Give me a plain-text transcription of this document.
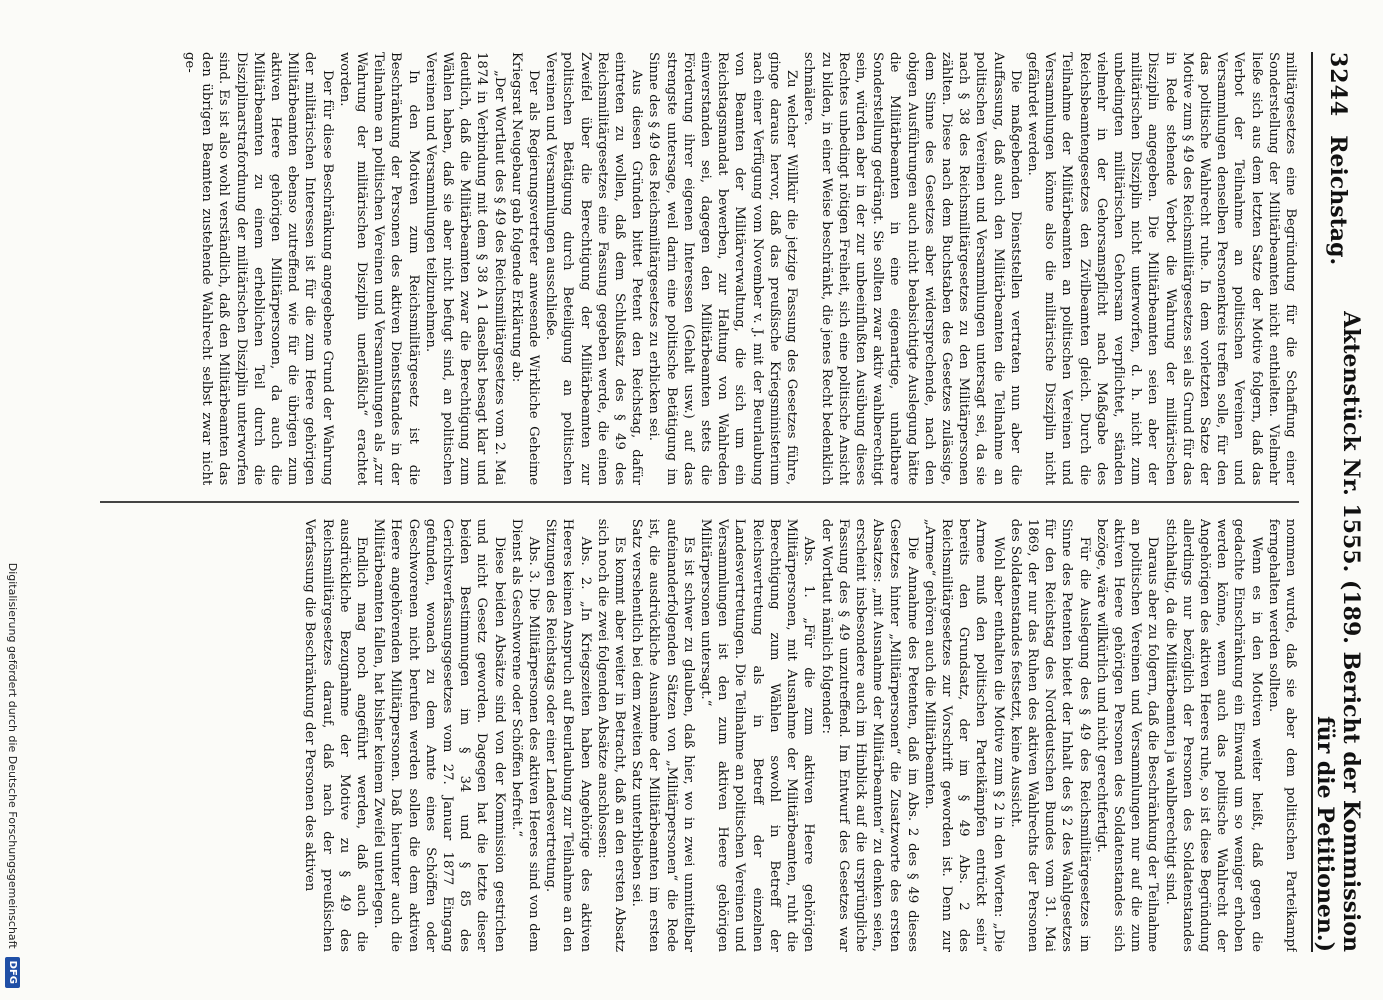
3244
Reichstag.
Aktenstück Nr. 1555. (189. Bericht der Kommission für die Petitionen.)

militärgesetzes eine Begründung für die Schaffung einer Sonderstellung der Militärbeamten nicht enthielten. Vielmehr ließe sich aus dem letzten Satze der Motive folgern, daß das Verbot der Teilnahme an politischen Vereinen und Versammlungen denselben Personenkreis treffen solle, für den das politische Wahlrecht ruhe. In dem vorletzten Satze der Motive zum § 49 des Reichsmilitärgesetzes sei als Grund für das in Rede stehende Verbot die Wahrung der militärischen Disziplin angegeben. Die Militärbeamten seien aber der militärischen Disziplin nicht unterworfen, d. h. nicht zum unbedingten militärischen Gehorsam verpflichtet, ständen vielmehr in der Gehorsamspflicht nach Maßgabe des Reichsbeamtengesetzes den Zivilbeamten gleich. Durch die Teilnahme der Militärbeamten an politischen Vereinen und Versammlungen könne also die militärische Disziplin nicht gefährdet werden.

Die maßgebenden Dienststellen vertraten nun aber die Auffassung, daß auch den Militärbeamten die Teilnahme an politischen Vereinen und Versammlungen untersagt sei, da sie nach § 38 des Reichsmilitärgesetzes zu den Militärpersonen zählten. Diese nach dem Buchstaben des Gesetzes zulässige, dem Sinne des Gesetzes aber widersprechende, nach den obigen Ausführungen auch nicht beabsichtigte Auslegung hätte die Militärbeamten in eine eigenartige, unhaltbare Sonderstellung gedrängt. Sie sollten zwar aktiv wahlberechtigt sein, würden aber in der zur unbeeinflußten Ausübung dieses Rechtes unbedingt nötigen Freiheit, sich eine politische Ansicht zu bilden, in einer Weise beschränkt, die jenes Recht bedenklich schmälere.

Zu welcher Willkür die jetzige Fassung des Gesetzes führe, ginge daraus hervor, daß das preußische Kriegsministerium nach einer Verfügung vom November v. J. mit der Beurlaubung von Beamten der Militärverwaltung, die sich um ein Reichstagsmandat bewerben, zur Haltung von Wahlreden einverstanden sei, dagegen den Militärbeamten stets die Förderung ihrer eigenen Interessen (Gehalt usw.) auf das strengste untersage, weil darin eine politische Betätigung im Sinne des § 49 des Reichsmilitärgesetzes zu erblicken sei.

Aus diesen Gründen bittet Petent den Reichstag, dafür eintreten zu wollen, daß dem Schlußsatz des § 49 des Reichsmilitärgesetzes eine Fassung gegeben werde, die einen Zweifel über die Berechtigung der Militärbeamten zur politischen Betätigung durch Beteiligung an politischen Vereinen und Versammlungen ausschließe.

Der als Regierungsvertreter anwesende Wirkliche Geheime Kriegsrat Neugebaur gab folgende Erklärung ab:

„Der Wortlaut des § 49 des Reichsmilitärgesetzes vom 2. Mai 1874 in Verbindung mit dem § 38 A 1 daselbst besagt klar und deutlich, daß die Militärbeamten zwar die Berechtigung zum Wählen haben, daß sie aber nicht befugt sind, an politischen Vereinen und Versammlungen teilzunehmen.

In den Motiven zum Reichsmilitärgesetz ist die Beschränkung der Personen des aktiven Dienststandes in der Teilnahme an politischen Vereinen und Versammlungen als „zur Wahrung der militärischen Disziplin unerläßlich“ erachtet worden.

Der für diese Beschränkung angegebene Grund der Wahrung der militärischen Interessen ist für die zum Heere gehörigen Militärbeamten ebenso zutreffend wie für die übrigen zum aktiven Heere gehörigen Militärpersonen, da auch die Militärbeamten zu einem erheblichen Teil durch die Disziplinarstrafordnung der militärischen Disziplin unterworfen sind. Es ist also wohl verständlich, daß den Militärbeamten das den übrigen Beamten zustehende Wahlrecht selbst zwar nicht ge-

nommen wurde, daß sie aber dem politischen Parteikampf ferngehalten werden sollten.

Wenn es in den Motiven weiter heißt, daß gegen die gedachte Einschränkung ein Einwand um so weniger erhoben werden könne, wenn auch das politische Wahlrecht der Angehörigen des aktiven Heeres ruhe, so ist diese Begründung allerdings nur bezüglich der Personen des Soldatenstandes stichhaltig, da die Militärbeamten ja wahlberechtigt sind.

Daraus aber zu folgern, daß die Beschränkung der Teilnahme an politischen Vereinen und Versammlungen nur auf die zum aktiven Heere gehörigen Personen des Soldatenstandes sich bezöge, wäre willkürlich und nicht gerechtfertigt.

Für die Auslegung des § 49 des Reichsmilitärgesetzes im Sinne des Petenten bietet der Inhalt des § 2 des Wahlgesetzes für den Reichstag des Norddeutschen Bundes vom 31. Mai 1869, der nur das Ruhen des aktiven Wahlrechts der Personen des Soldatenstandes festsetzt, keine Aussicht.

Wohl aber enthalten die Motive zum § 2 in den Worten: „Die Armee muß den politischen Parteikämpfen entrückt sein“ bereits den Grundsatz, der im § 49 Abs. 2 des Reichsmilitärgesetzes zur Vorschrift geworden ist. Denn zur „Armee“ gehören auch die Militärbeamten.

Die Annahme des Petenten, daß im Abs. 2 des § 49 dieses Gesetzes hinter „Militärpersonen“ die Zusatzworte des ersten Absatzes: „mit Ausnahme der Militärbeamten“ zu denken seien, erscheint insbesondere auch im Hinblick auf die ursprüngliche Fassung des § 49 unzutreffend. Im Entwurf des Gesetzes war der Wortlaut nämlich folgender:

Abs. 1. „Für die zum aktiven Heere gehörigen Militärpersonen, mit Ausnahme der Militärbeamten, ruht die Berechtigung zum Wählen sowohl in Betreff der Reichsvertretung als in Betreff der einzelnen Landesvertretungen. Die Teilnahme an politischen Vereinen und Versammlungen ist den zum aktiven Heere gehörigen Militärpersonen untersagt.“

Es ist schwer zu glauben, daß hier, wo in zwei unmittelbar aufeinanderfolgenden Sätzen von „Militärpersonen“ die Rede ist, die ausdrückliche Ausnahme der Militärbeamten im ersten Satz versehentlich bei dem zweiten Satz unterblieben sei.

Es kommt aber weiter in Betracht, daß an den ersten Absatz sich noch die zwei folgenden Absätze anschlossen:

Abs. 2. „In Kriegszeiten haben Angehörige des aktiven Heeres keinen Anspruch auf Beurlaubung zur Teilnahme an den Sitzungen des Reichstags oder einer Landesvertretung.

Abs. 3. Die Militärpersonen des aktiven Heeres sind von dem Dienst als Geschworene oder Schöffen befreit.“

Diese beiden Absätze sind von der Kommission gestrichen und nicht Gesetz geworden. Dagegen hat die letzte dieser beiden Bestimmungen im § 34 und § 85 des Gerichtsverfassungsgesetzes vom 27. Januar 1877 Eingang gefunden, wonach zu dem Amte eines Schöffen oder Geschworenen nicht berufen werden sollen die dem aktiven Heere angehörenden Militärpersonen. Daß hierunter auch die Militärbeamten fallen, hat bisher keinem Zweifel unterlegen.

Endlich mag noch angeführt werden, daß auch die ausdrückliche Bezugnahme der Motive zu § 49 des Reichsmilitärgesetzes darauf, daß nach der preußischen Verfassung die Beschränkung der Personen des aktiven

Digitalisierung gefördert durch die Deutsche Forschungsgemeinschaft
DFG
